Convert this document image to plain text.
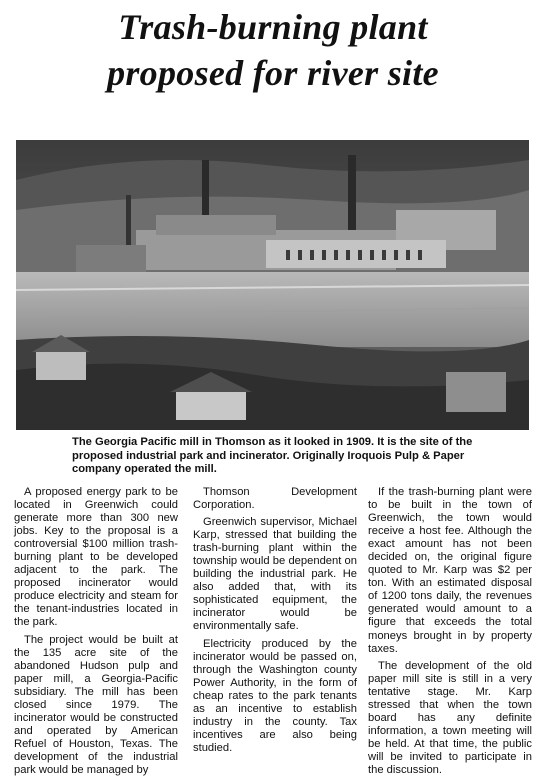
Trash-burning plant
proposed for river site
The Georgia Pacific mill in Thomson as it looked in 1909. It is the site of the proposed industrial park and incinerator. Originally Iroquois Pulp & Paper company operated the mill.

A proposed energy park to be located in Greenwich could generate more than 300 new jobs. Key to the proposal is a controversial $100 million trash-burning plant to be developed adjacent to the park. The proposed incinerator would produce electricity and steam for the tenant-industries located in the park.

The project would be built at the 135 acre site of the abandoned Hudson pulp and paper mill, a Georgia-Pacific subsidiary. The mill has been closed since 1979. The incinerator would be constructed and operated by American Refuel of Houston, Texas. The development of the industrial park would be managed by

Thomson Development Corporation.

Greenwich supervisor, Michael Karp, stressed that building the trash-burning plant within the township would be dependent on building the industrial park. He also added that, with its sophisticated equipment, the incinerator would be environmentally safe.

Electricity produced by the incinerator would be passed on, through the Washington county Power Authority, in the form of cheap rates to the park tenants as an incentive to establish industry in the county. Tax incentives are also being studied.

If the trash-burning plant were to be built in the town of Greenwich, the town would receive a host fee. Although the exact amount has not been decided on, the original figure quoted to Mr. Karp was $2 per ton. With an estimated disposal of 1200 tons daily, the revenues generated would amount to a figure that exceeds the total moneys brought in by property taxes.

The development of the old paper mill site is still in a very tentative stage. Mr. Karp stressed that when the town board has any definite information, a town meeting will be held. At that time, the public will be invited to participate in the discussion.
